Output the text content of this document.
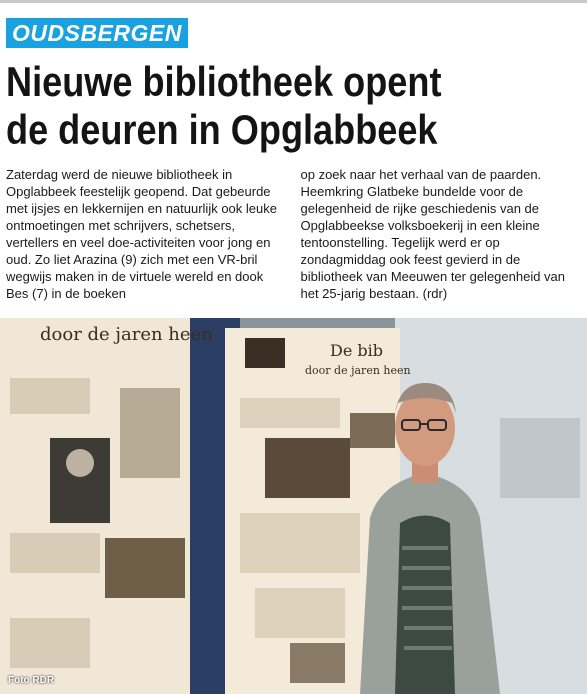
OUDSBERGEN
Nieuwe bibliotheek opent
de deuren in Opglabbeek

Zaterdag werd de nieuwe bibliotheek in Opglabbeek feestelijk geopend. Dat gebeurde met ijsjes en lekkernijen en natuurlijk ook leuke ontmoetingen met schrijvers, schetsers, vertellers en veel doe-activiteiten voor jong en oud. Zo liet Arazina (9) zich met een VR-bril wegwijs maken in de virtuele wereld en dook Bes (7) in de boeken

op zoek naar het verhaal van de paarden. Heemkring Glatbeke bundelde voor de gelegenheid de rijke geschiedenis van de Opglabbeekse volksboekerij in een kleine tentoonstelling. Tegelijk werd er op zondagmiddag ook feest gevierd in de bibliotheek van Meeuwen ter gelegenheid van het 25-jarig bestaan. (rdr)

door de jaren heen
De bib
door de jaren heen
Foto RDR
